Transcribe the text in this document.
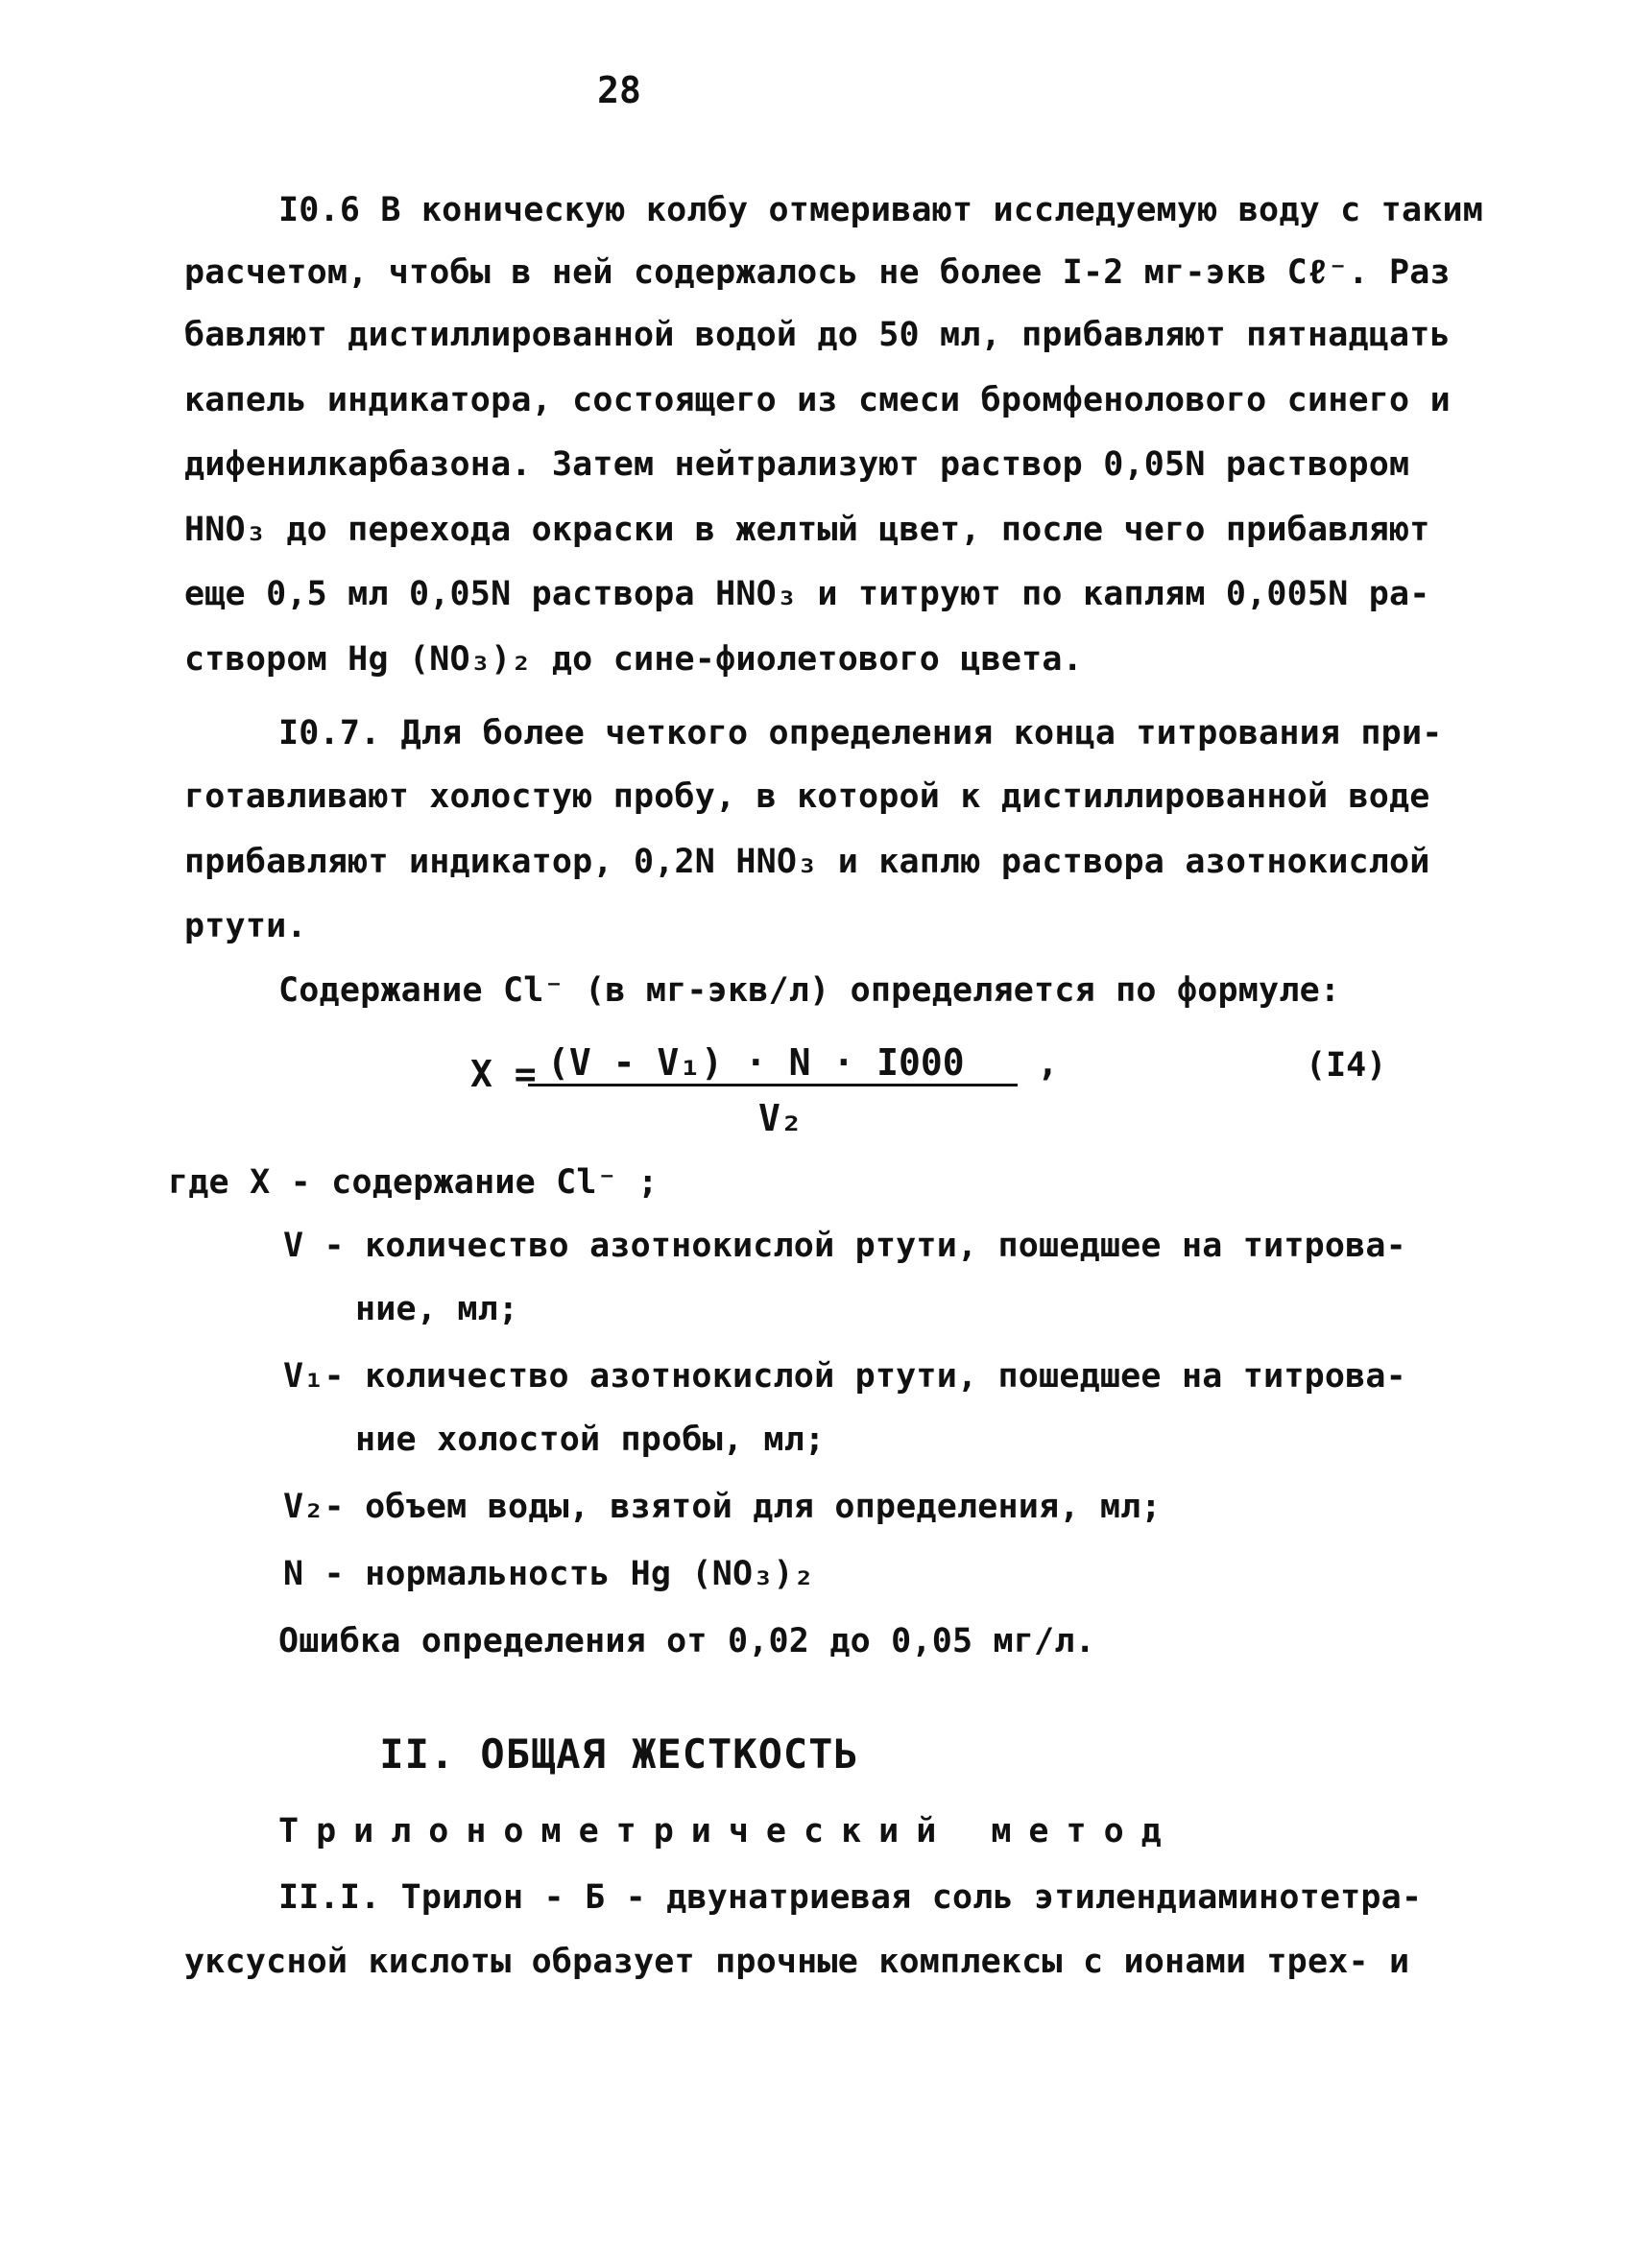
28
I0.6 В коническую колбу отмеривают исследуемую воду с таким
расчетом, чтобы в ней содержалось не более I-2 мг-экв Cℓ⁻. Раз
бавляют дистиллированной водой до 50 мл, прибавляют пятнадцать
капель индикатора, состоящего из смеси бромфенолового синего и
дифенилкарбазона. Затем нейтрализуют раствор 0,05N раствором
HNO₃ до перехода окраски в желтый цвет, после чего прибавляют
еще 0,5 мл 0,05N раствора HNO₃ и титруют по каплям 0,005N ра-
створом Hg (NO₃)₂ до сине-фиолетового цвета.
I0.7. Для более четкого определения конца титрования при-
готавливают холостую пробу, в которой к дистиллированной воде
прибавляют индикатор, 0,2N HNO₃ и каплю раствора азотнокислой
ртути.
Содержание Cl⁻ (в мг-экв/л) определяется по формуле:
X = (V - V₁) · N · I000
V₂
,	(I4)
где X - содержание Cl⁻ ;
V - количество азотнокислой ртути, пошедшее на титрова-
ние, мл;
V₁- количество азотнокислой ртути, пошедшее на титрова-
ние холостой пробы, мл;
V₂- объем воды, взятой для определения, мл;
N - нормальность Hg (NO₃)₂
Ошибка определения от 0,02 до 0,05 мг/л.
II. ОБЩАЯ ЖЕСТКОСТЬ
Трилонометрический метод
II.I. Трилон - Б - двунатриевая соль этилендиаминотетра-
уксусной кислоты образует прочные комплексы с ионами трех- и
